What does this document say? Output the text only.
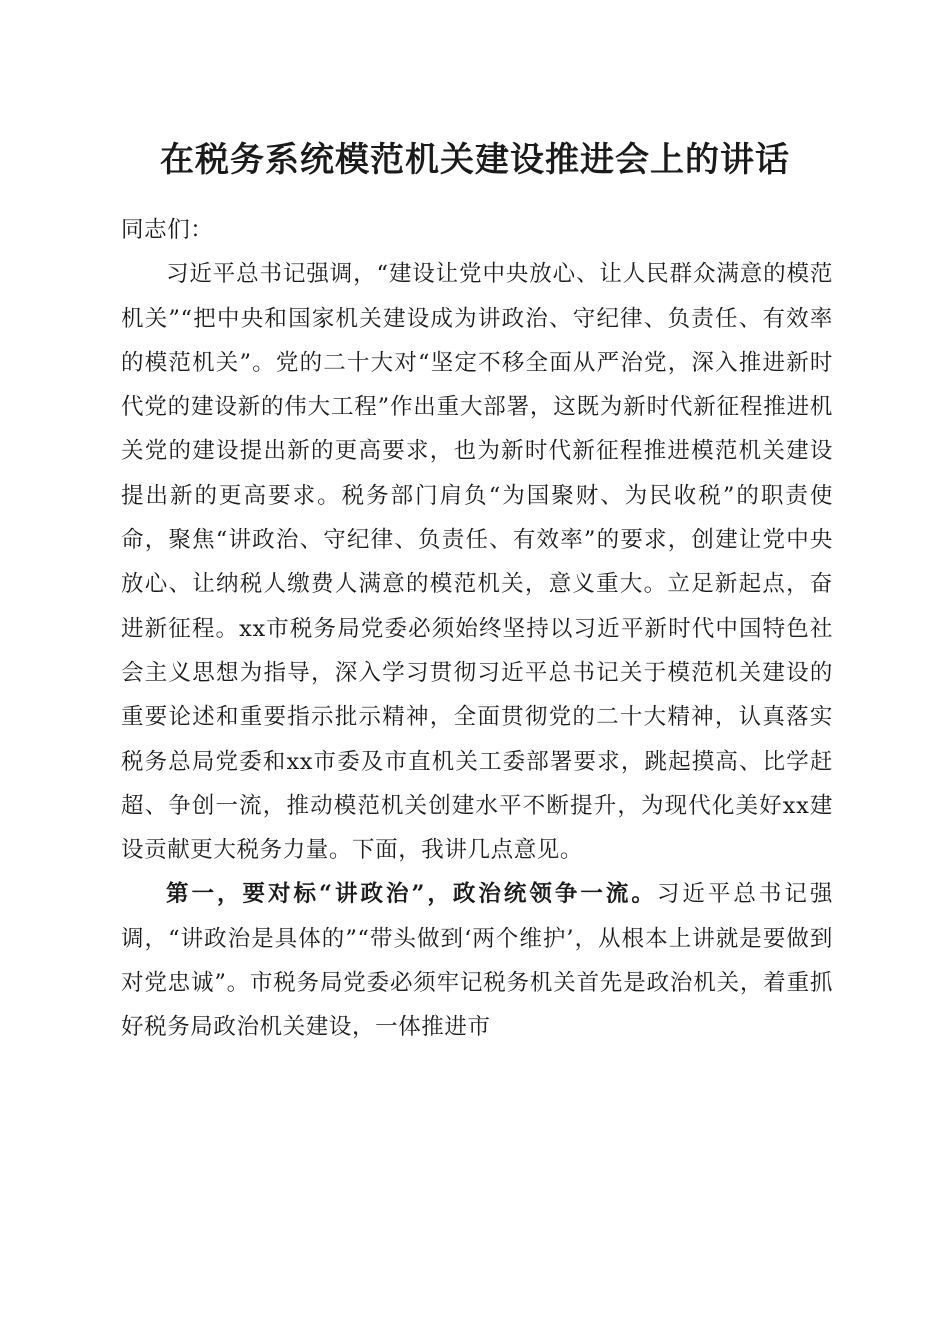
在税务系统模范机关建设推进会上的讲话

同志们：

习近平总书记强调，“建设让党中央放心、让人民群众满意的模范机关”“把中央和国家机关建设成为讲政治、守纪律、负责任、有效率的模范机关”。党的二十大对“坚定不移全面从严治党，深入推进新时代党的建设新的伟大工程”作出重大部署，这既为新时代新征程推进机关党的建设提出新的更高要求，也为新时代新征程推进模范机关建设提出新的更高要求。税务部门肩负“为国聚财、为民收税”的职责使命，聚焦“讲政治、守纪律、负责任、有效率”的要求，创建让党中央放心、让纳税人缴费人满意的模范机关，意义重大。立足新起点，奋进新征程。xx市税务局党委必须始终坚持以习近平新时代中国特色社会主义思想为指导，深入学习贯彻习近平总书记关于模范机关建设的重要论述和重要指示批示精神，全面贯彻党的二十大精神，认真落实税务总局党委和xx市委及市直机关工委部署要求，跳起摸高、比学赶超、争创一流，推动模范机关创建水平不断提升，为现代化美好xx建设贡献更大税务力量。下面，我讲几点意见。

第一，要对标“讲政治”，政治统领争一流。习近平总书记强调，“讲政治是具体的”“带头做到‘两个维护’，从根本上讲就是要做到对党忠诚”。市税务局党委必须牢记税务机关首先是政治机关，着重抓好税务局政治机关建设，一体推进市
